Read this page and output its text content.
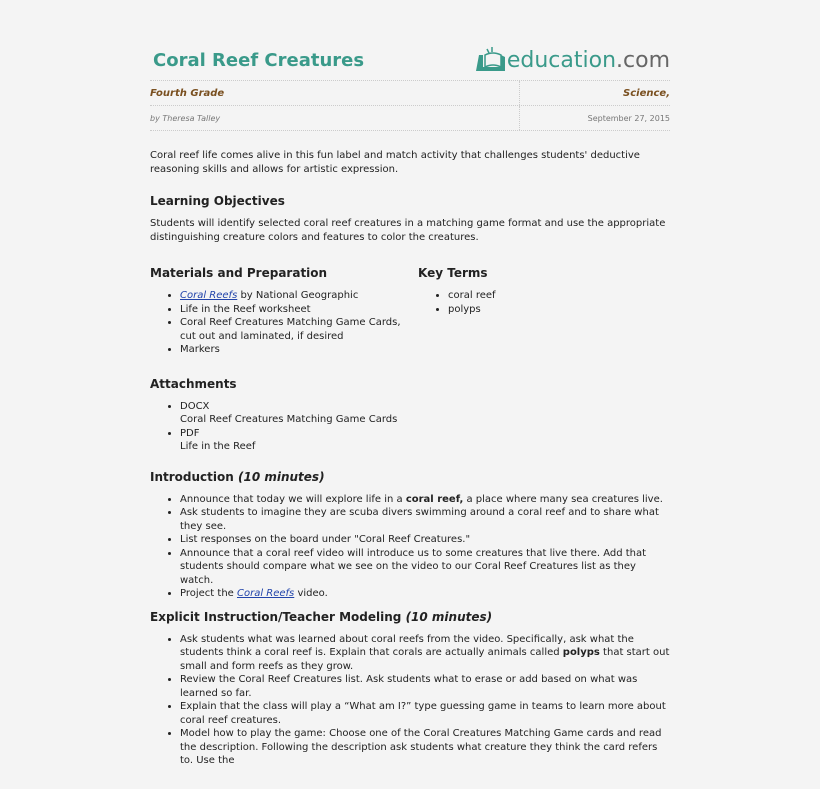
Coral Reef Creatures	education .com
Fourth Grade	Science,
by Theresa Talley	September 27, 2015

Coral reef life comes alive in this fun label and match activity that challenges students' deductive reasoning skills and allows for artistic expression.

Learning Objectives

Students will identify selected coral reef creatures in a matching game format and use the appropriate distinguishing creature colors and features to color the creatures.

Materials and Preparation
• Coral Reefs by National Geographic
• Life in the Reef worksheet
• Coral Reef Creatures Matching Game Cards, cut out and laminated, if desired
• Markers
Key Terms
• coral reef
• polyps
Attachments
• DOCX
Coral Reef Creatures Matching Game Cards
• PDF
Life in the Reef
Introduction (10 minutes)
• Announce that today we will explore life in a coral reef, a place where many sea creatures live.
• Ask students to imagine they are scuba divers swimming around a coral reef and to share what they see.
• List responses on the board under "Coral Reef Creatures."
• Announce that a coral reef video will introduce us to some creatures that live there. Add that students should compare what we see on the video to our Coral Reef Creatures list as they watch.
• Project the Coral Reefs video.
Explicit Instruction/Teacher Modeling (10 minutes)
• Ask students what was learned about coral reefs from the video. Specifically, ask what the students think a coral reef is. Explain that corals are actually animals called polyps that start out small and form reefs as they grow.
• Review the Coral Reef Creatures list. Ask students what to erase or add based on what was learned so far.
• Explain that the class will play a “What am I?” type guessing game in teams to learn more about coral reef creatures.
• Model how to play the game: Choose one of the Coral Creatures Matching Game cards and read the description. Following the description ask students what creature they think the card refers to. Use the
